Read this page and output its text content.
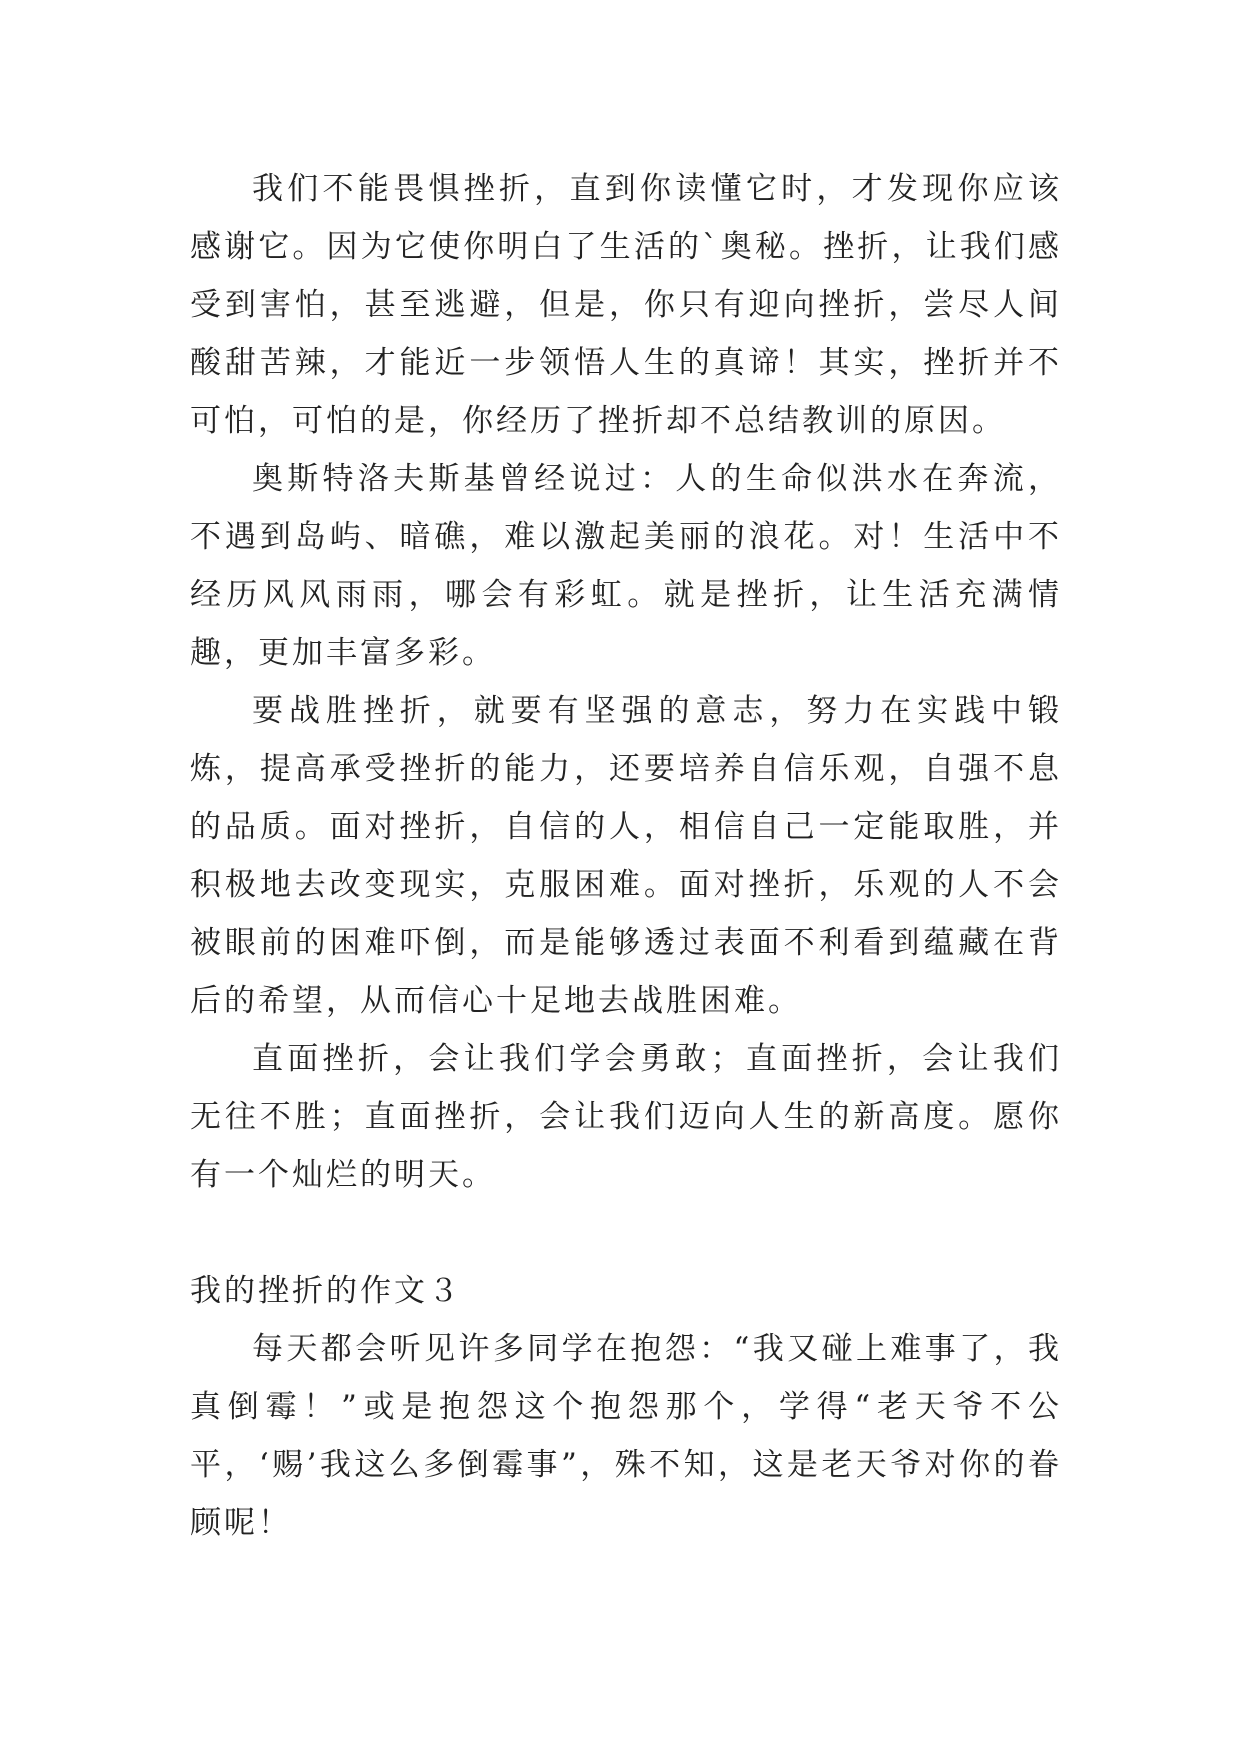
我们不能畏惧挫折，直到你读懂它时，才发现你应该感谢它。因为它使你明白了生活的`奥秘。挫折，让我们感受到害怕，甚至逃避，但是，你只有迎向挫折，尝尽人间酸甜苦辣，才能近一步领悟人生的真谛！其实，挫折并不可怕，可怕的是，你经历了挫折却不总结教训的原因。

奥斯特洛夫斯基曾经说过：人的生命似洪水在奔流，不遇到岛屿、暗礁，难以激起美丽的浪花。对！生活中不经历风风雨雨，哪会有彩虹。就是挫折，让生活充满情趣，更加丰富多彩。

要战胜挫折，就要有坚强的意志，努力在实践中锻炼，提高承受挫折的能力，还要培养自信乐观，自强不息的品质。面对挫折，自信的人，相信自己一定能取胜，并积极地去改变现实，克服困难。面对挫折，乐观的人不会被眼前的困难吓倒，而是能够透过表面不利看到蕴藏在背后的希望，从而信心十足地去战胜困难。

直面挫折，会让我们学会勇敢；直面挫折，会让我们无往不胜；直面挫折，会让我们迈向人生的新高度。愿你有一个灿烂的明天。

我的挫折的作文３

每天都会听见许多同学在抱怨：“我又碰上难事了，我真倒霉！”或是抱怨这个抱怨那个，学得“老天爷不公平，‘赐’我这么多倒霉事”，殊不知，这是老天爷对你的眷顾呢！
